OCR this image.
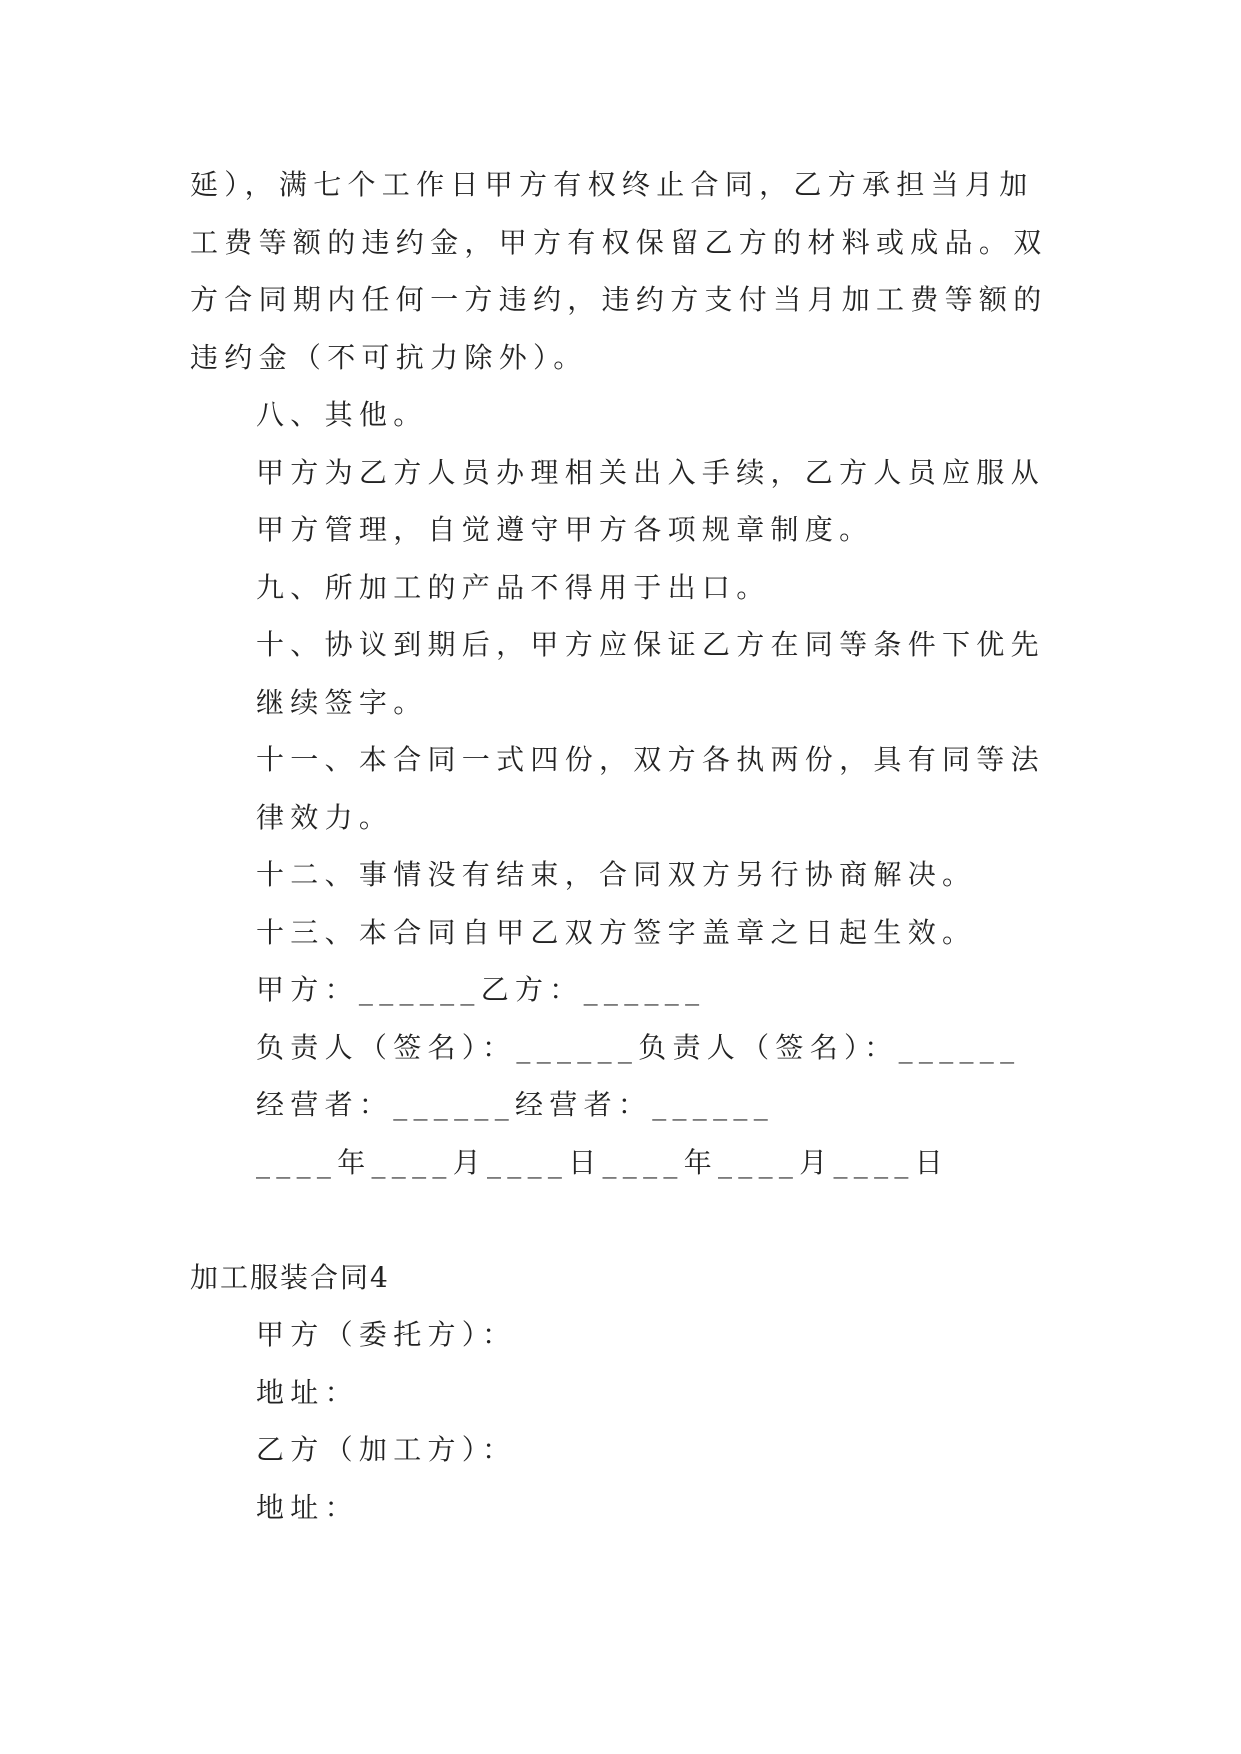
延），满七个工作日甲方有权终止合同，乙方承担当月加工费等额的违约金，甲方有权保留乙方的材料或成品。双方合同期内任何一方违约，违约方支付当月加工费等额的违约金（不可抗力除外）。

八、其他。

甲方为乙方人员办理相关出入手续，乙方人员应服从甲方管理，自觉遵守甲方各项规章制度。

九、所加工的产品不得用于出口。

十、协议到期后，甲方应保证乙方在同等条件下优先继续签字。

十一、本合同一式四份，双方各执两份，具有同等法律效力。

十二、事情没有结束，合同双方另行协商解决。

十三、本合同自甲乙双方签字盖章之日起生效。

甲方：______乙方：______

负责人（签名）：______负责人（签名）：______

经营者：______经营者：______

____年____月____日____年____月____日

加工服装合同4

甲方（委托方）：

地址：

乙方（加工方）：

地址：
